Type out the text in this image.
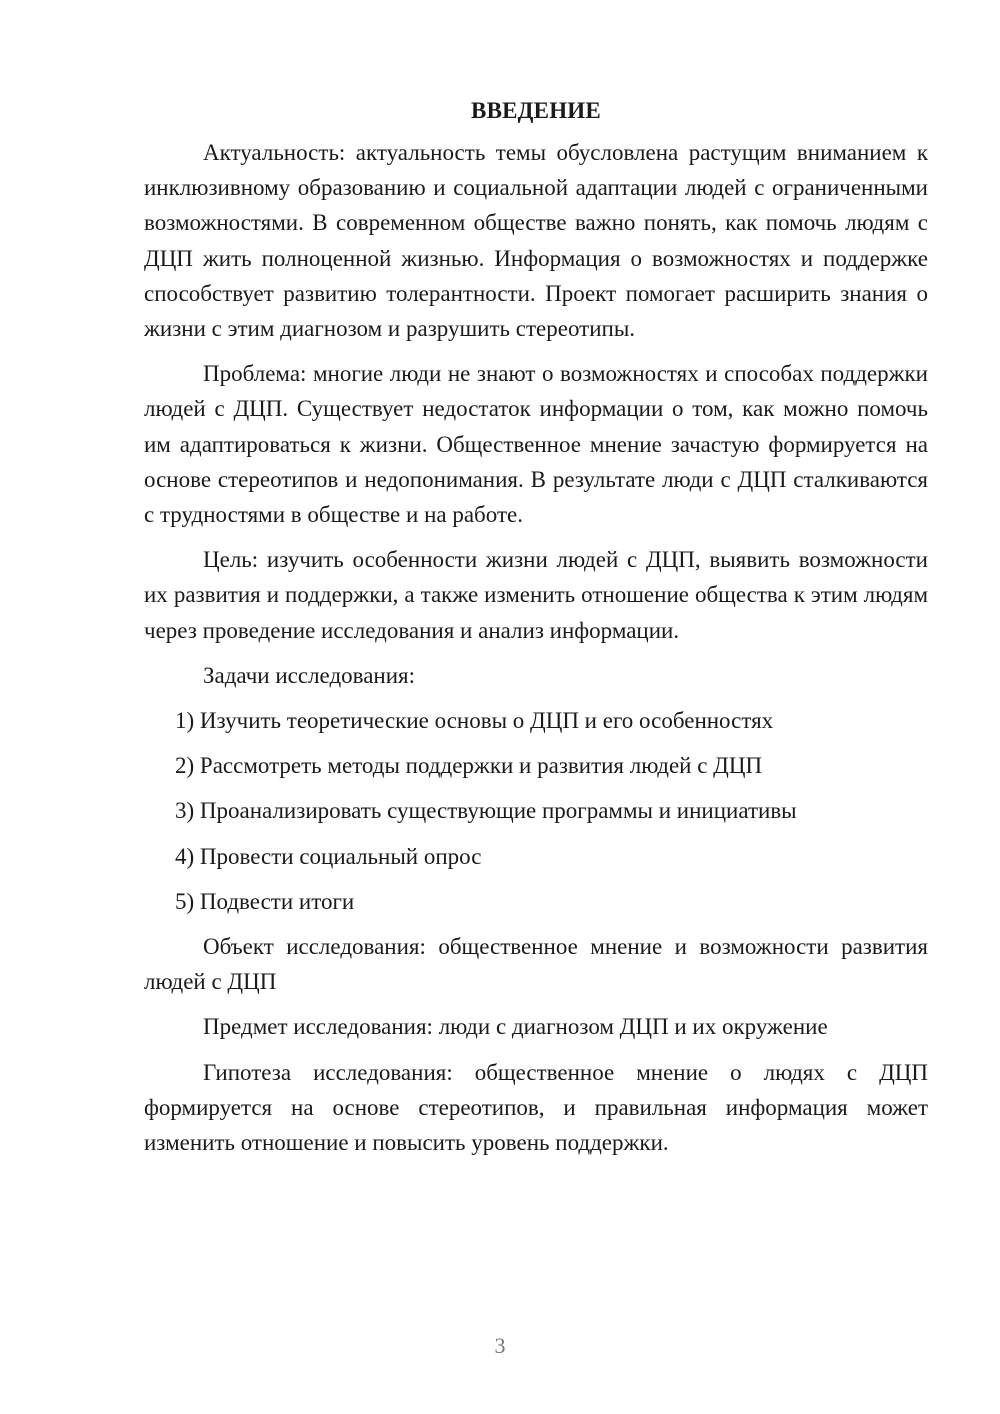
ВВЕДЕНИЕ

Актуальность: актуальность темы обусловлена растущим вниманием к инклюзивному образованию и социальной адаптации людей с ограниченными возможностями. В современном обществе важно понять, как помочь людям с ДЦП жить полноценной жизнью. Информация о возможностях и поддержке способствует развитию толерантности. Проект помогает расширить знания о жизни с этим диагнозом и разрушить стереотипы.

Проблема: многие люди не знают о возможностях и способах поддержки людей с ДЦП. Существует недостаток информации о том, как можно помочь им адаптироваться к жизни. Общественное мнение зачастую формируется на основе стереотипов и недопонимания. В результате люди с ДЦП сталкиваются с трудностями в обществе и на работе.

Цель: изучить особенности жизни людей с ДЦП, выявить возможности их развития и поддержки, а также изменить отношение общества к этим людям через проведение исследования и анализ информации.

Задачи исследования:

1) Изучить теоретические основы о ДЦП и его особенностях
2) Рассмотреть методы поддержки и развития людей с ДЦП
3) Проанализировать существующие программы и инициативы
4) Провести социальный опрос
5) Подвести итоги

Объект исследования: общественное мнение и возможности развития людей с ДЦП

Предмет исследования: люди с диагнозом ДЦП и их окружение

Гипотеза исследования: общественное мнение о людях с ДЦП формируется на основе стереотипов, и правильная информация может изменить отношение и повысить уровень поддержки.

3
